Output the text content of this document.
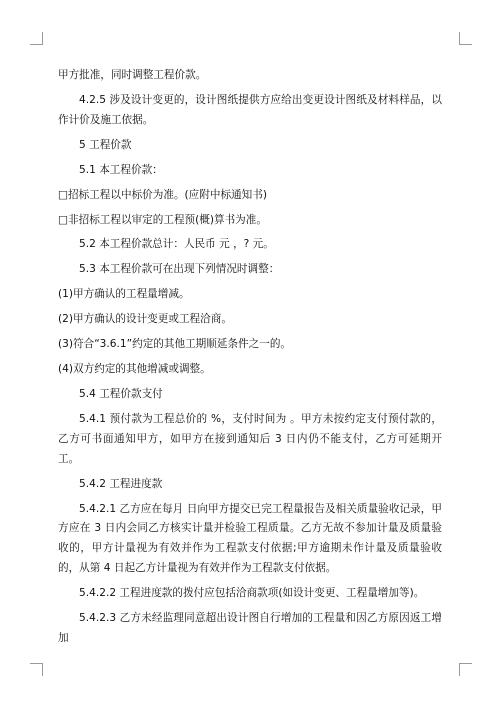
甲方批准，同时调整工程价款。

4.2.5 涉及设计变更的，设计图纸提供方应给出变更设计图纸及材料样品，以作计价及施工依据。

5 工程价款

5.1 本工程价款：

□招标工程以中标价为准。(应附中标通知书)

□非招标工程以审定的工程预(概)算书为准。

5.2 本工程价款总计：人民币 元 ，? 元。

5.3 本工程价款可在出现下列情况时调整：

(1)甲方确认的工程量增减。

(2)甲方确认的设计变更或工程洽商。

(3)符合“3.6.1”约定的其他工期顺延条件之一的。

(4)双方约定的其他增减或调整。

5.4 工程价款支付

5.4.1 预付款为工程总价的 %，支付时间为 。甲方未按约定支付预付款的，乙方可书面通知甲方，如甲方在接到通知后 3 日内仍不能支付，乙方可延期开工。

5.4.2 工程进度款

5.4.2.1 乙方应在每月 日向甲方提交已完工程量报告及相关质量验收记录，甲方应在 3 日内会同乙方核实计量并检验工程质量。乙方无故不参加计量及质量验收的，甲方计量视为有效并作为工程款支付依据;甲方逾期未作计量及质量验收的，从第 4 日起乙方计量视为有效并作为工程款支付依据。

5.4.2.2 工程进度款的拨付应包括洽商款项(如设计变更、工程量增加等)。

5.4.2.3 乙方未经监理同意超出设计图自行增加的工程量和因乙方原因返工增加
